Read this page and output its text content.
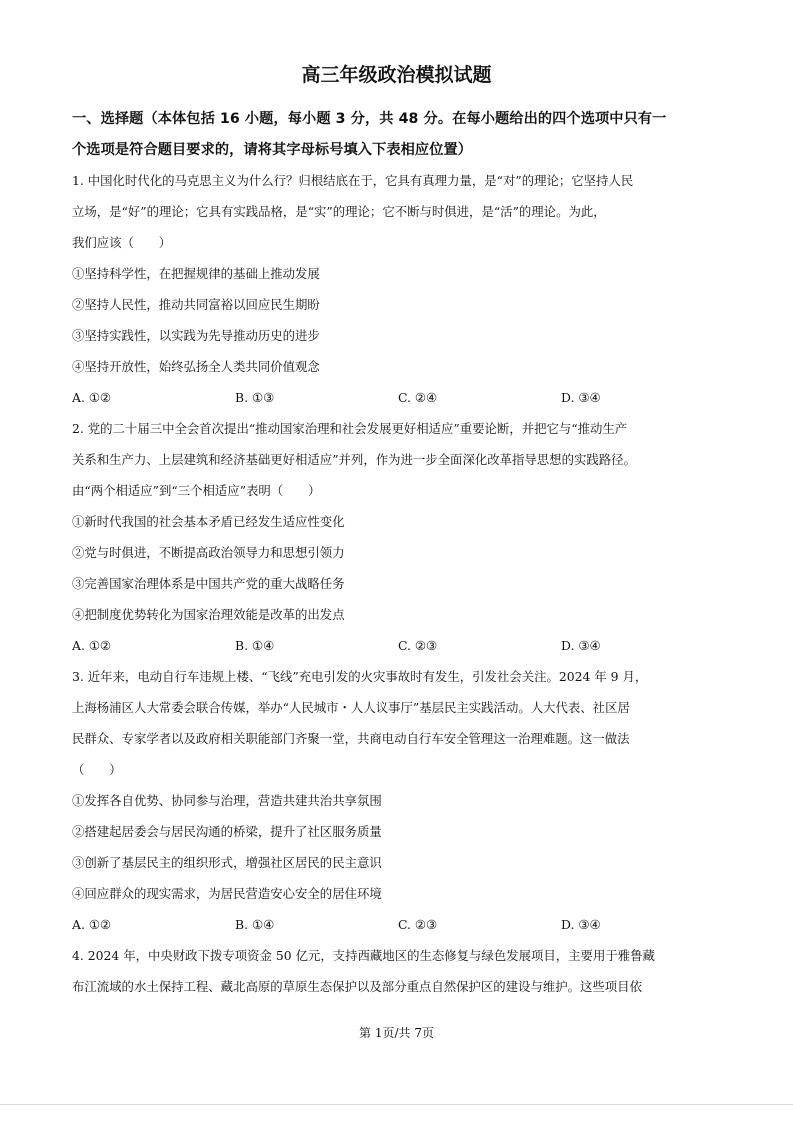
高三年级政治模拟试题
一、选择题（本体包括 16 小题，每小题 3 分，共 48 分。在每小题给出的四个选项中只有一
个选项是符合题目要求的，请将其字母标号填入下表相应位置）
1. 中国化时代化的马克思主义为什么行？归根结底在于，它具有真理力量，是“对”的理论；它坚持人民
立场，是“好”的理论；它具有实践品格，是“实”的理论；它不断与时俱进，是“活”的理论。为此，
我们应该（　　）
①坚持科学性，在把握规律的基础上推动发展
②坚持人民性，推动共同富裕以回应民生期盼
③坚持实践性，以实践为先导推动历史的进步
④坚持开放性，始终弘扬全人类共同价值观念
A. ①②	B. ①③	C. ②④	D. ③④
2. 党的二十届三中全会首次提出“推动国家治理和社会发展更好相适应”重要论断，并把它与“推动生产
关系和生产力、上层建筑和经济基础更好相适应”并列，作为进一步全面深化改革指导思想的实践路径。
由“两个相适应”到“三个相适应”表明（　　）
①新时代我国的社会基本矛盾已经发生适应性变化
②党与时俱进，不断提高政治领导力和思想引领力
③完善国家治理体系是中国共产党的重大战略任务
④把制度优势转化为国家治理效能是改革的出发点
A. ①②	B. ①④	C. ②③	D. ③④
3. 近年来，电动自行车违规上楼、“飞线”充电引发的火灾事故时有发生，引发社会关注。2024 年 9 月，
上海杨浦区人大常委会联合传媒，举办“人民城市・人人议事厅”基层民主实践活动。人大代表、社区居
民群众、专家学者以及政府相关职能部门齐聚一堂，共商电动自行车安全管理这一治理难题。这一做法
（　　）
①发挥各自优势、协同参与治理，营造共建共治共享氛围
②搭建起居委会与居民沟通的桥梁，提升了社区服务质量
③创新了基层民主的组织形式，增强社区居民的民主意识
④回应群众的现实需求，为居民营造安心安全的居住环境
A. ①②	B. ①④	C. ②③	D. ③④
4. 2024 年，中央财政下拨专项资金 50 亿元，支持西藏地区的生态修复与绿色发展项目，主要用于雅鲁藏
布江流域的水土保持工程、藏北高原的草原生态保护以及部分重点自然保护区的建设与维护。这些项目依
第 1页/共 7页
